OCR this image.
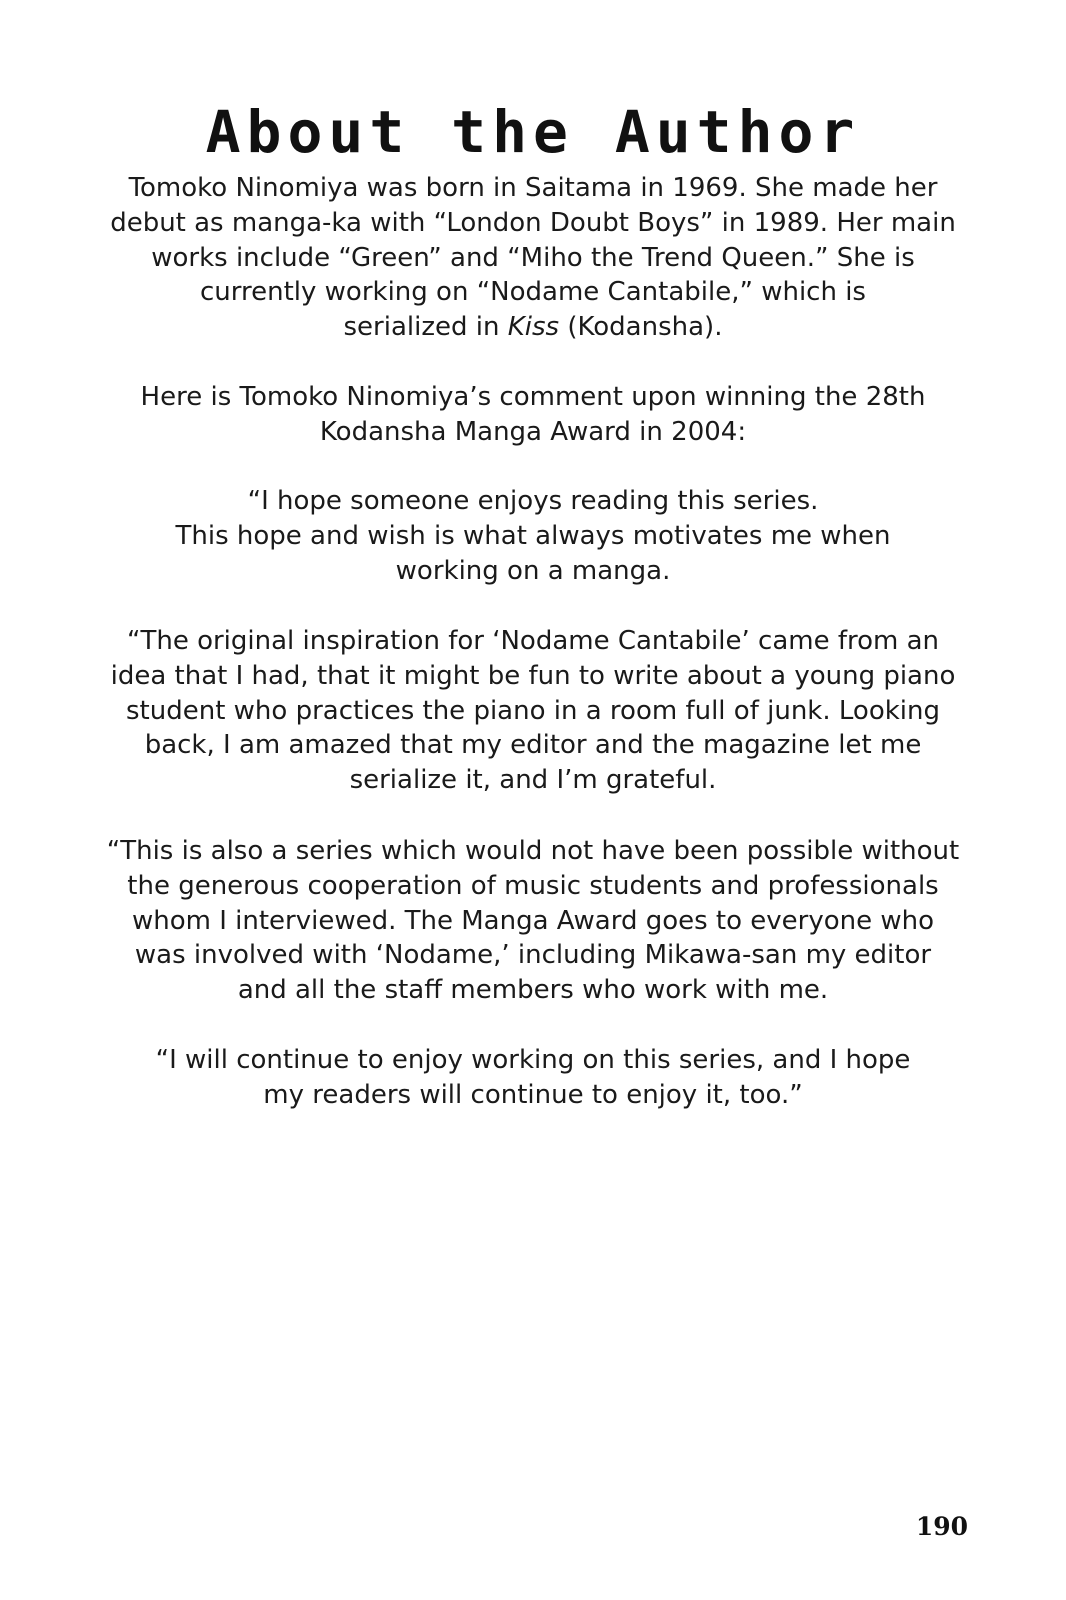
About the Author

Tomoko Ninomiya was born in Saitama in 1969. She made her
debut as manga-ka with “London Doubt Boys” in 1989. Her main
works include “Green” and “Miho the Trend Queen.” She is
currently working on “Nodame Cantabile,” which is
serialized in Kiss (Kodansha).

Here is Tomoko Ninomiya’s comment upon winning the 28th
Kodansha Manga Award in 2004:

“I hope someone enjoys reading this series.
This hope and wish is what always motivates me when
working on a manga.

“The original inspiration for ‘Nodame Cantabile’ came from an
idea that I had, that it might be fun to write about a young piano
student who practices the piano in a room full of junk. Looking
back, I am amazed that my editor and the magazine let me
serialize it, and I’m grateful.

“This is also a series which would not have been possible without
the generous cooperation of music students and professionals
whom I interviewed. The Manga Award goes to everyone who
was involved with ‘Nodame,’ including Mikawa-san my editor
and all the staff members who work with me.

“I will continue to enjoy working on this series, and I hope
my readers will continue to enjoy it, too.”

190
